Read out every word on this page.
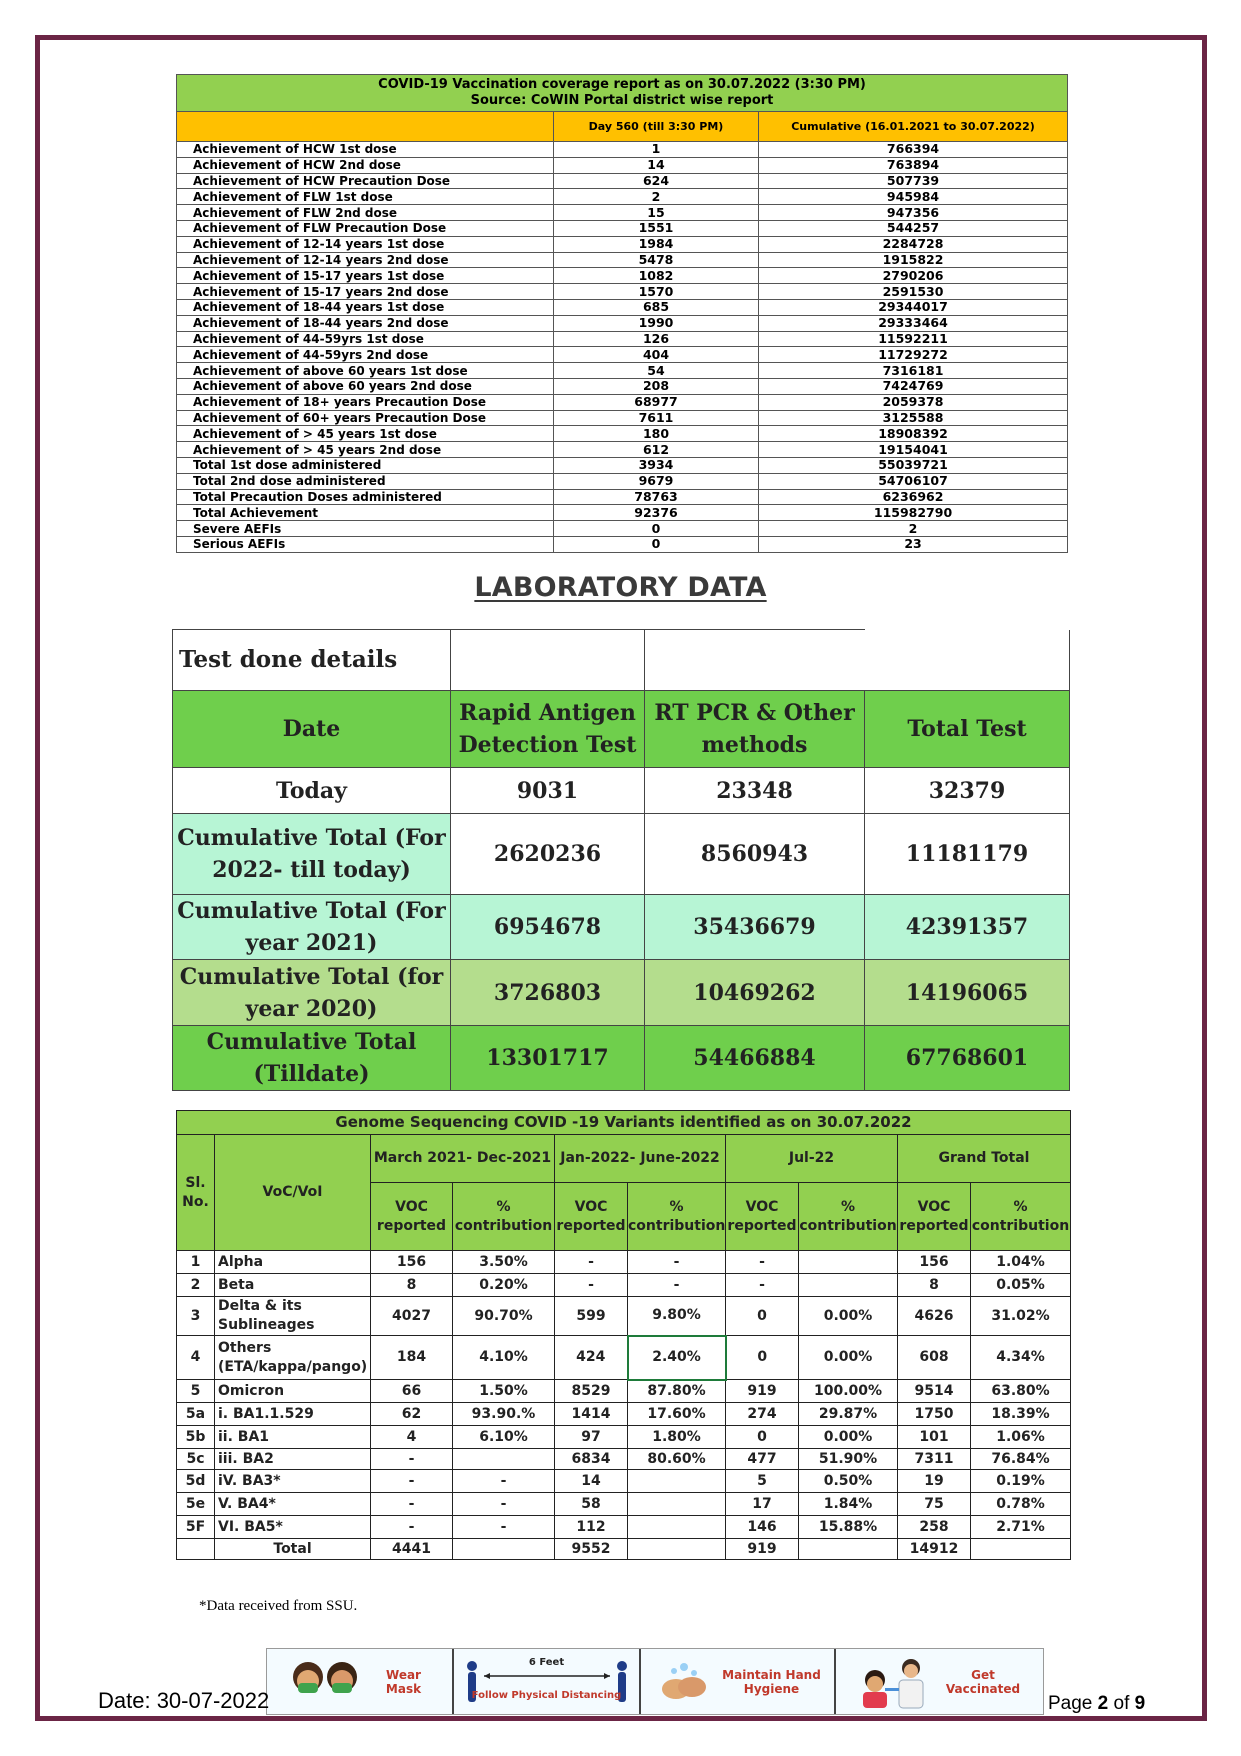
COVID-19 Vaccination coverage report as on 30.07.2022 (3:30 PM)
Source: CoWIN Portal district wise report		

	Day 560 (till 3:30 PM)	Cumulative (16.01.2021 to 30.07.2022)
Achievement of HCW 1st dose	1	766394
Achievement of HCW 2nd dose	14	763894
Achievement of HCW Precaution Dose	624	507739
Achievement of FLW 1st dose	2	945984
Achievement of FLW 2nd dose	15	947356
Achievement of FLW Precaution Dose	1551	544257
Achievement of 12-14 years 1st dose	1984	2284728
Achievement of 12-14 years 2nd dose	5478	1915822
Achievement of 15-17 years 1st dose	1082	2790206
Achievement of 15-17 years 2nd dose	1570	2591530
Achievement of 18-44 years 1st dose	685	29344017
Achievement of 18-44 years 2nd dose	1990	29333464
Achievement of 44-59yrs 1st dose	126	11592211
Achievement of 44-59yrs 2nd dose	404	11729272
Achievement of above 60 years 1st dose	54	7316181
Achievement of above 60 years 2nd dose	208	7424769
Achievement of 18+ years Precaution Dose	68977	2059378
Achievement of 60+ years Precaution Dose	7611	3125588
Achievement of > 45 years 1st dose	180	18908392
Achievement of > 45 years 2nd dose	612	19154041
Total 1st dose administered	3934	55039721
Total 2nd dose administered	9679	54706107
Total Precaution Doses administered	78763	6236962
Total Achievement	92376	115982790
Severe AEFIs	0	2
Serious AEFIs	0	23
LABORATORY DATA
Test done details			
Date	Rapid Antigen Detection Test	RT PCR & Other methods	Total Test
Today	9031	23348	32379
Cumulative Total (For 2022- till today)	2620236	8560943	11181179
Cumulative Total (For year 2021)	6954678	35436679	42391357
Cumulative Total (for year 2020)	3726803	10469262	14196065
Cumulative Total (Tilldate)	13301717	54466884	67768601
Genome Sequencing COVID -19 Variants identified as on 30.07.2022									
Sl. No.	VoC/VoI	March 2021- Dec-2021		Jan-2022- June-2022		Jul-22		Grand Total	
		VOC reported	% contribution	VOC reported	% contribution	VOC reported	% contribution	VOC reported	% contribution
1	Alpha	156	3.50%	-	-	-		156	1.04%
2	Beta	8	0.20%	-	-	-		8	0.05%
3	Delta & its Sublineages	4027	90.70%	599	9.80%	0	0.00%	4626	31.02%
4	Others (ETA/kappa/pango)	184	4.10%	424	2.40%	0	0.00%	608	4.34%
5	Omicron	66	1.50%	8529	87.80%	919	100.00%	9514	63.80%
5a	i. BA1.1.529	62	93.90.%	1414	17.60%	274	29.87%	1750	18.39%
5b	ii. BA1	4	6.10%	97	1.80%	0	0.00%	101	1.06%
5c	iii. BA2	-		6834	80.60%	477	51.90%	7311	76.84%
5d	iV. BA3*	-	-	14		5	0.50%	19	0.19%
5e	V. BA4*	-	-	58		17	1.84%	75	0.78%
5F	VI. BA5*	-	-	112		146	15.88%	258	2.71%
	Total	4441		9552		919		14912	
*Data received from SSU.
Wear Mask
6 Feet
Follow Physical Distancing
Maintain Hand Hygiene
Get Vaccinated
Date: 30-07-2022	Page 2 of 9
